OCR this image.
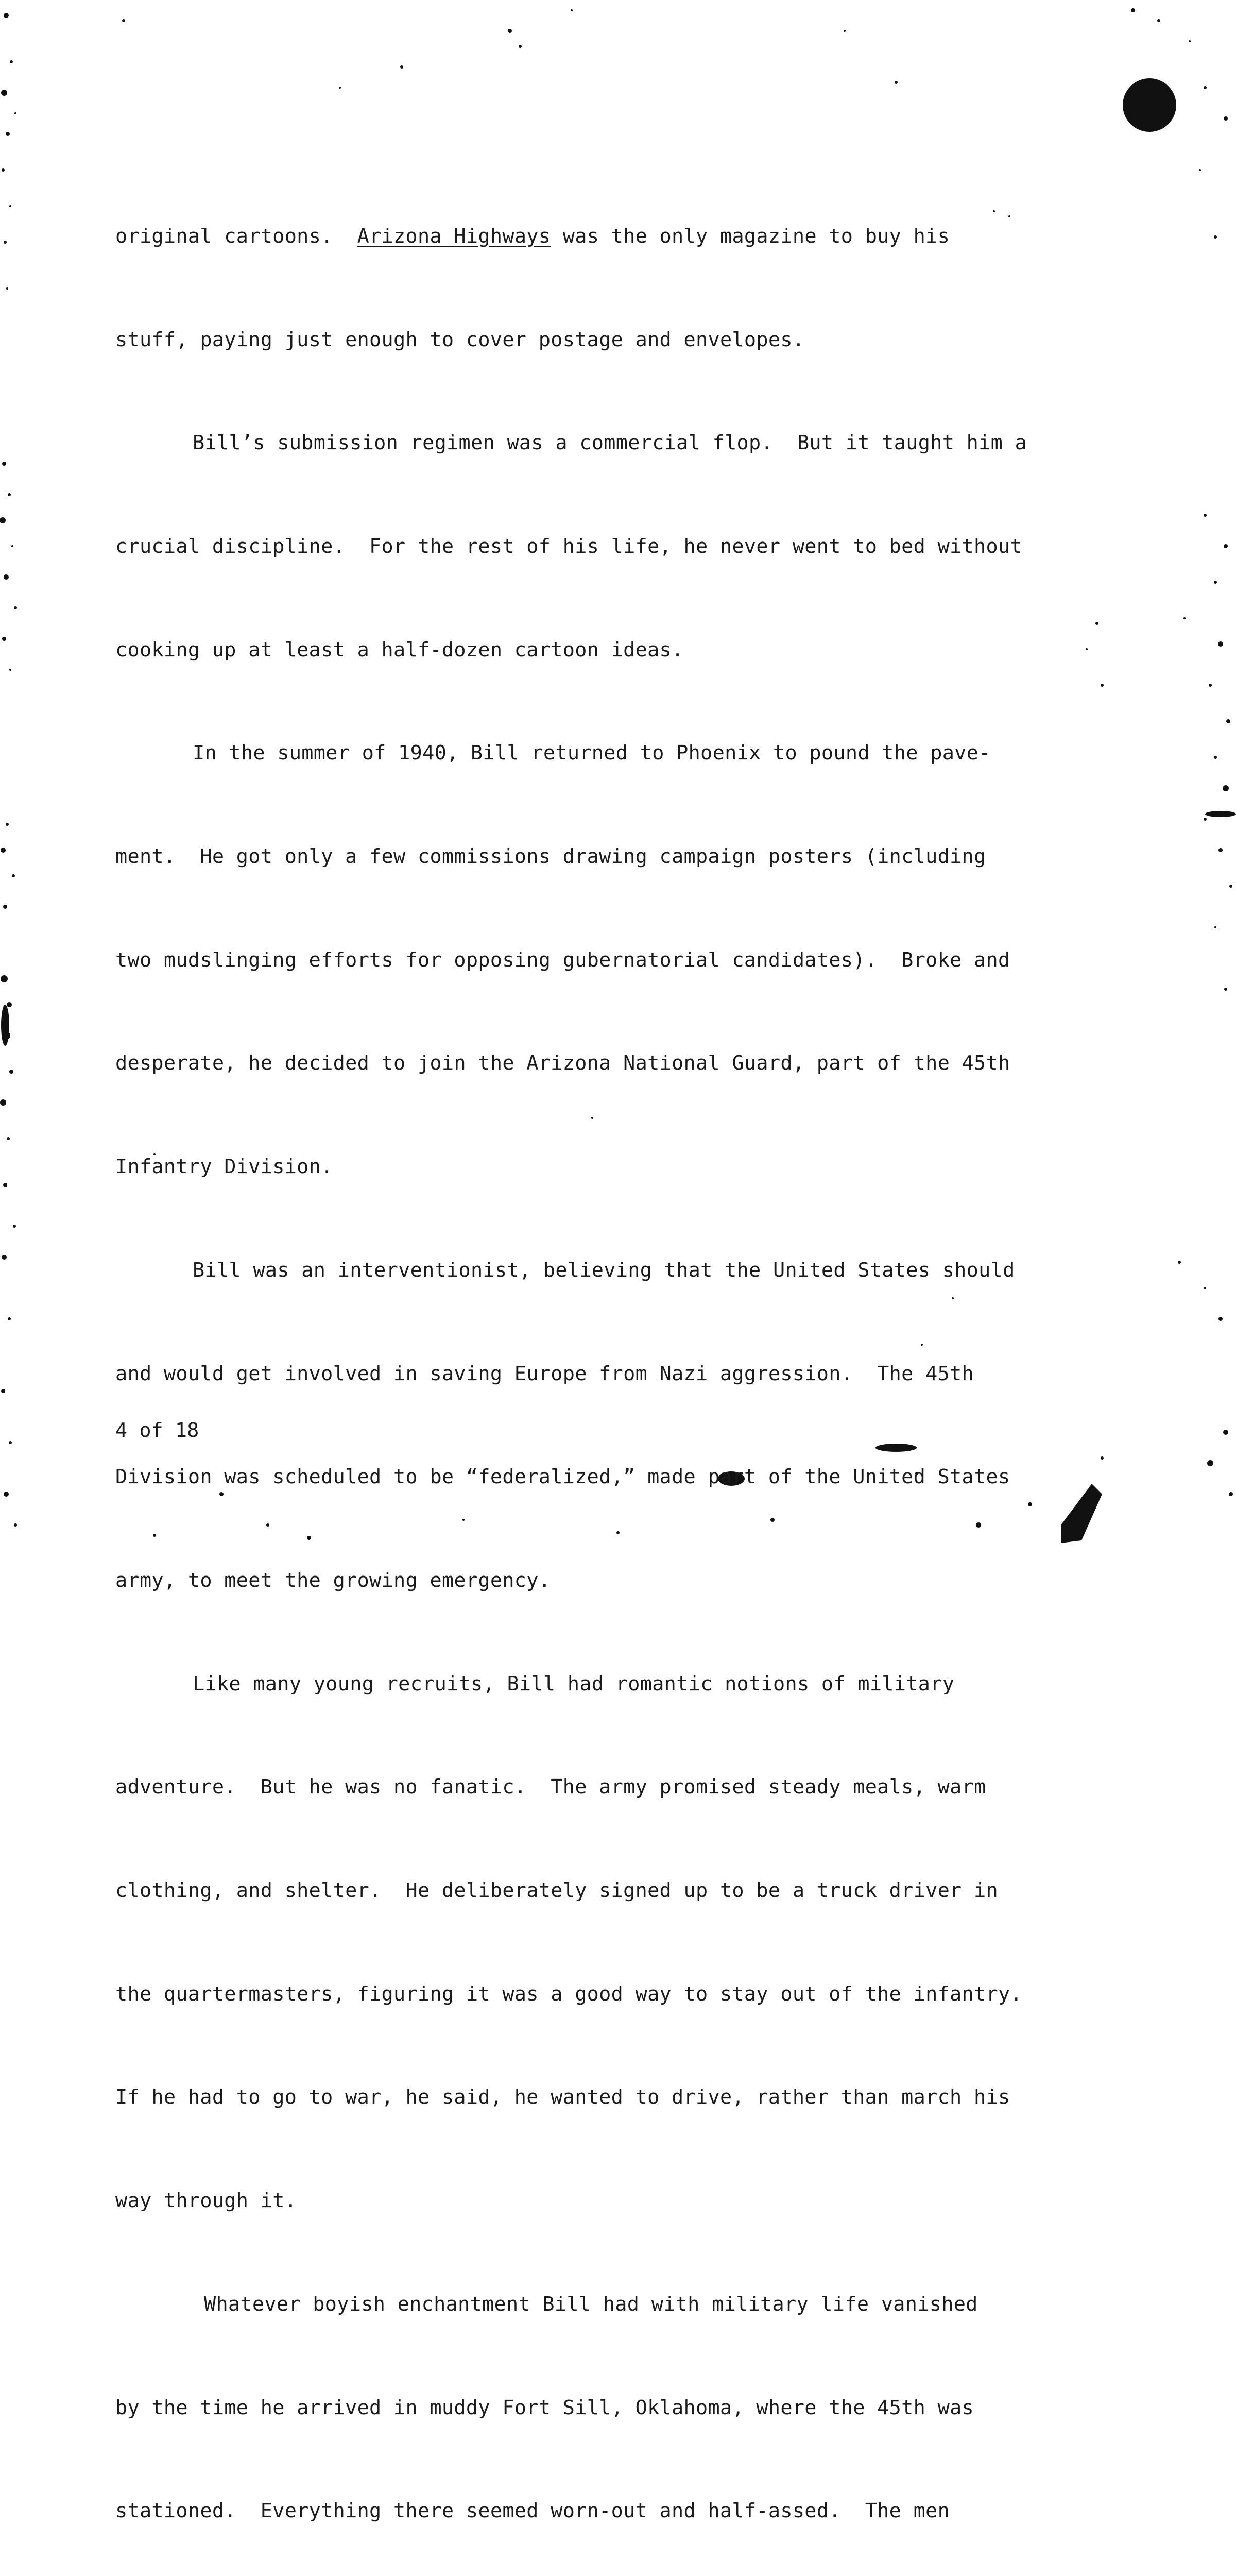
original cartoons.  Arizona Highways was the only magazine to buy his

stuff, paying just enough to cover postage and envelopes.

Bill’s submission regimen was a commercial flop.  But it taught him a

crucial discipline.  For the rest of his life, he never went to bed without

cooking up at least a half-dozen cartoon ideas.

In the summer of 1940, Bill returned to Phoenix to pound the pave-

ment.  He got only a few commissions drawing campaign posters (including

two mudslinging efforts for opposing gubernatorial candidates).  Broke and

desperate, he decided to join the Arizona National Guard, part of the 45th

Infantry Division.

Bill was an interventionist, believing that the United States should

and would get involved in saving Europe from Nazi aggression.  The 45th

Division was scheduled to be “federalized,” made part of the United States

army, to meet the growing emergency.

Like many young recruits, Bill had romantic notions of military

adventure.  But he was no fanatic.  The army promised steady meals, warm

clothing, and shelter.  He deliberately signed up to be a truck driver in

the quartermasters, figuring it was a good way to stay out of the infantry.

If he had to go to war, he said, he wanted to drive, rather than march his

way through it.

Whatever boyish enchantment Bill had with military life vanished

by the time he arrived in muddy Fort Sill, Oklahoma, where the 45th was

stationed.  Everything there seemed worn-out and half-assed.  The men

4 of 18
